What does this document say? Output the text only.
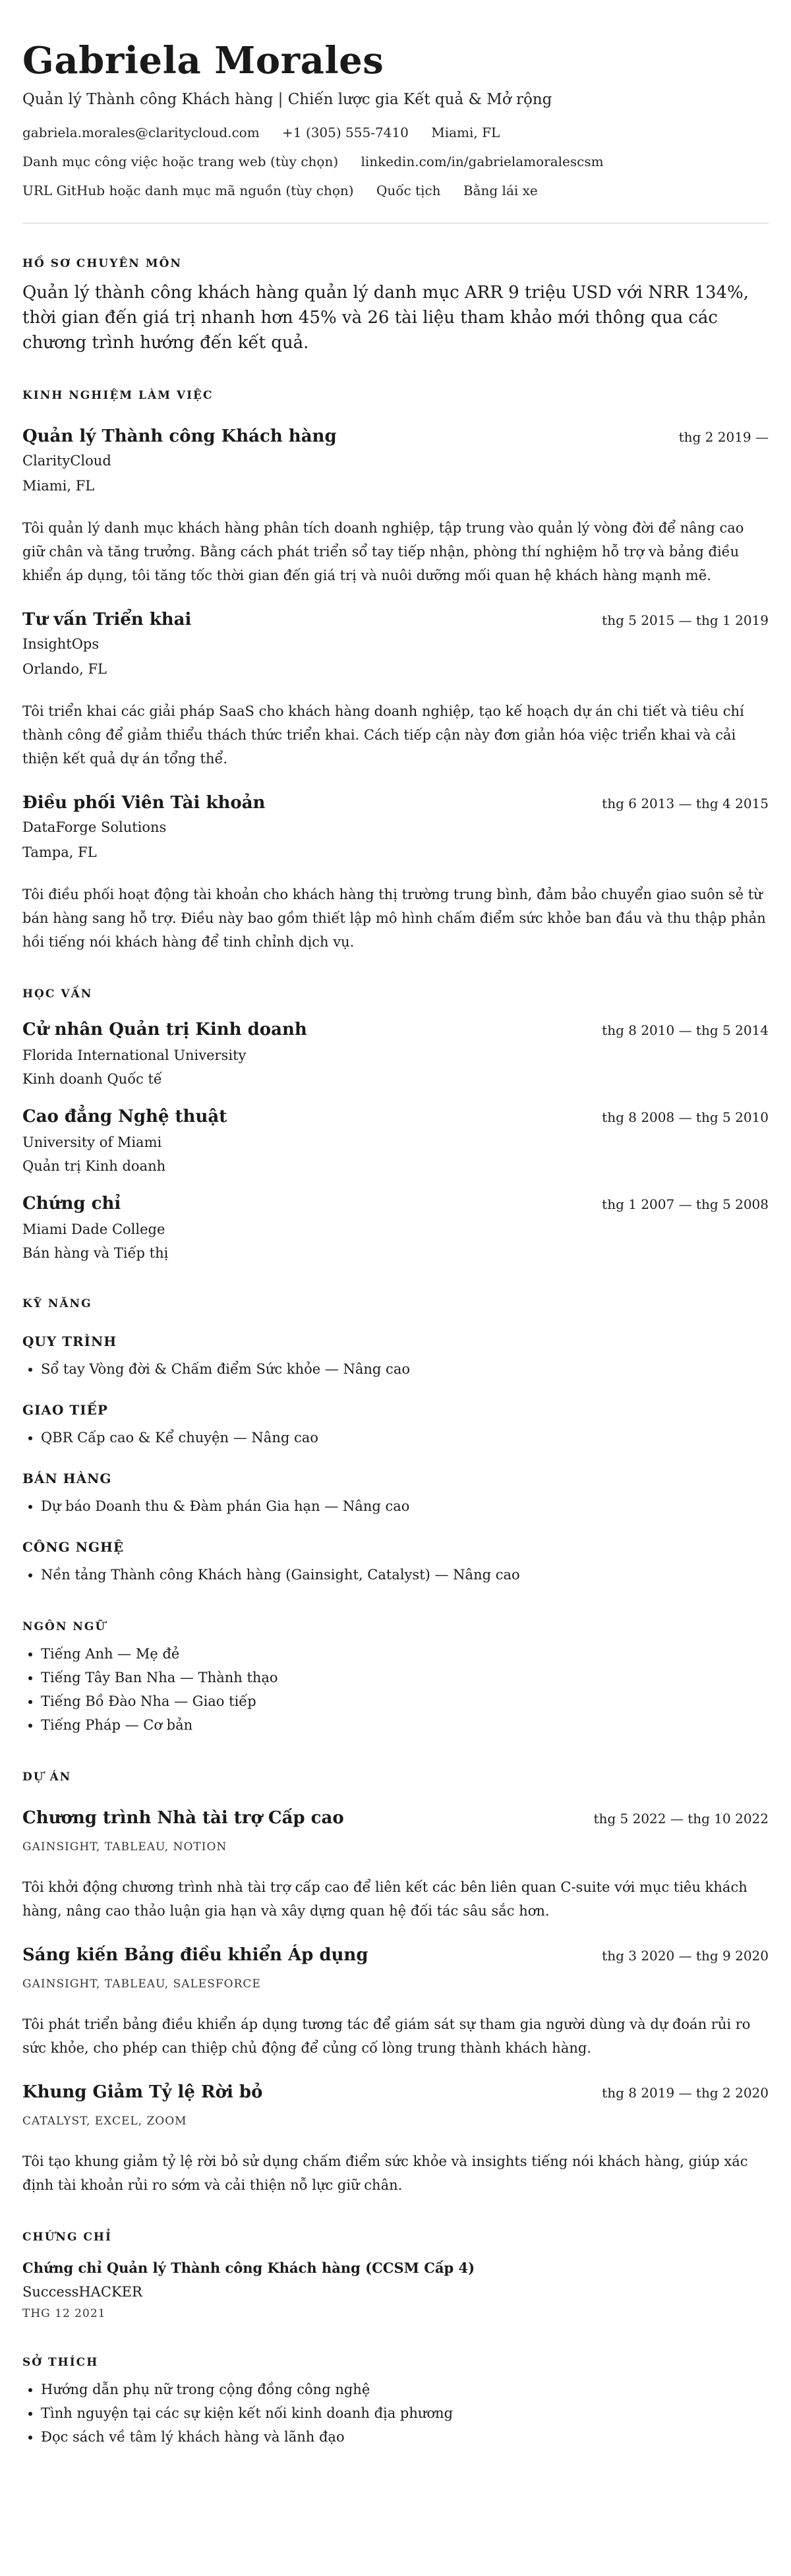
Gabriela Morales
Quản lý Thành công Khách hàng | Chiến lược gia Kết quả & Mở rộng
gabriela.morales@claritycloud.com +1 (305) 555-7410 Miami, FL
Danh mục công việc hoặc trang web (tùy chọn) linkedin.com/in/gabrielamoralescsm
URL GitHub hoặc danh mục mã nguồn (tùy chọn) Quốc tịch Bằng lái xe
HỒ SƠ CHUYÊN MÔN
Quản lý thành công khách hàng quản lý danh mục ARR 9 triệu USD với NRR 134%, thời gian đến giá trị nhanh hơn 45% và 26 tài liệu tham khảo mới thông qua các chương trình hướng đến kết quả.
KINH NGHIỆM LÀM VIỆC
Quản lý Thành công Khách hàng	thg 2 2019 —
ClarityCloud
Miami, FL
Tôi quản lý danh mục khách hàng phân tích doanh nghiệp, tập trung vào quản lý vòng đời để nâng cao giữ chân và tăng trưởng. Bằng cách phát triển sổ tay tiếp nhận, phòng thí nghiệm hỗ trợ và bảng điều khiển áp dụng, tôi tăng tốc thời gian đến giá trị và nuôi dưỡng mối quan hệ khách hàng mạnh mẽ.
Tư vấn Triển khai	thg 5 2015 — thg 1 2019
InsightOps
Orlando, FL
Tôi triển khai các giải pháp SaaS cho khách hàng doanh nghiệp, tạo kế hoạch dự án chi tiết và tiêu chí thành công để giảm thiểu thách thức triển khai. Cách tiếp cận này đơn giản hóa việc triển khai và cải thiện kết quả dự án tổng thể.
Điều phối Viên Tài khoản	thg 6 2013 — thg 4 2015
DataForge Solutions
Tampa, FL
Tôi điều phối hoạt động tài khoản cho khách hàng thị trường trung bình, đảm bảo chuyển giao suôn sẻ từ bán hàng sang hỗ trợ. Điều này bao gồm thiết lập mô hình chấm điểm sức khỏe ban đầu và thu thập phản hồi tiếng nói khách hàng để tinh chỉnh dịch vụ.
HỌC VẤN
Cử nhân Quản trị Kinh doanh	thg 8 2010 — thg 5 2014
Florida International University
Kinh doanh Quốc tế
Cao đẳng Nghệ thuật	thg 8 2008 — thg 5 2010
University of Miami
Quản trị Kinh doanh
Chứng chỉ	thg 1 2007 — thg 5 2008
Miami Dade College
Bán hàng và Tiếp thị
KỸ NĂNG
QUY TRÌNH
• Sổ tay Vòng đời & Chấm điểm Sức khỏe — Nâng cao
GIAO TIẾP
• QBR Cấp cao & Kể chuyện — Nâng cao
BÁN HÀNG
• Dự báo Doanh thu & Đàm phán Gia hạn — Nâng cao
CÔNG NGHỆ
• Nền tảng Thành công Khách hàng (Gainsight, Catalyst) — Nâng cao
NGÔN NGỮ
• Tiếng Anh — Mẹ đẻ
• Tiếng Tây Ban Nha — Thành thạo
• Tiếng Bồ Đào Nha — Giao tiếp
• Tiếng Pháp — Cơ bản
DỰ ÁN
Chương trình Nhà tài trợ Cấp cao	thg 5 2022 — thg 10 2022
GAINSIGHT, TABLEAU, NOTION
Tôi khởi động chương trình nhà tài trợ cấp cao để liên kết các bên liên quan C-suite với mục tiêu khách hàng, nâng cao thảo luận gia hạn và xây dựng quan hệ đối tác sâu sắc hơn.
Sáng kiến Bảng điều khiển Áp dụng	thg 3 2020 — thg 9 2020
GAINSIGHT, TABLEAU, SALESFORCE
Tôi phát triển bảng điều khiển áp dụng tương tác để giám sát sự tham gia người dùng và dự đoán rủi ro sức khỏe, cho phép can thiệp chủ động để củng cố lòng trung thành khách hàng.
Khung Giảm Tỷ lệ Rời bỏ	thg 8 2019 — thg 2 2020
CATALYST, EXCEL, ZOOM
Tôi tạo khung giảm tỷ lệ rời bỏ sử dụng chấm điểm sức khỏe và insights tiếng nói khách hàng, giúp xác định tài khoản rủi ro sớm và cải thiện nỗ lực giữ chân.
CHỨNG CHỈ
Chứng chỉ Quản lý Thành công Khách hàng (CCSM Cấp 4)
SuccessHACKER
THG 12 2021
SỞ THÍCH
• Hướng dẫn phụ nữ trong cộng đồng công nghệ
• Tình nguyện tại các sự kiện kết nối kinh doanh địa phương
• Đọc sách về tâm lý khách hàng và lãnh đạo
